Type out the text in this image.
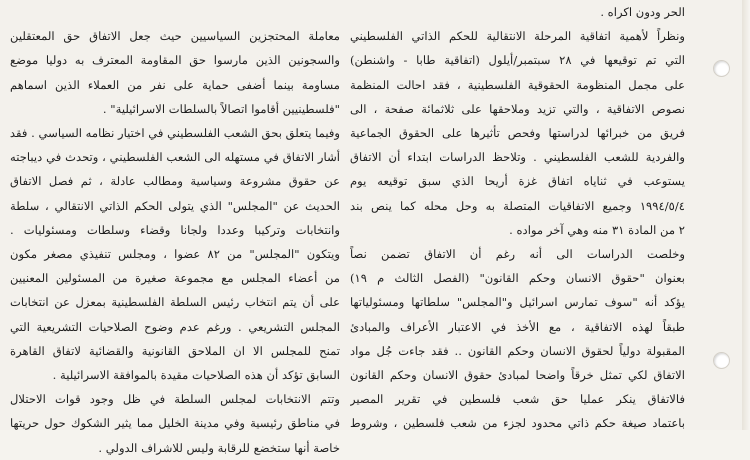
معاملة المحتجزين السياسيين حيث جعل الاتفاق حق المعتقلين
والسجونين الذين مارسوا حق المقاومة المعترف به دوليا موضع
مساومة بينما أضفى حماية على نفر من العملاء الذين اسماهم
"فلسطينيين أقاموا اتصالاً بالسلطات الاسرائيلية" .
وفيما يتعلق بحق الشعب الفلسطيني في اختيار نظامه السياسي . فقد
أشار الاتفاق في مستهله الى الشعب الفلسطيني ، وتحدث في ديباجته
عن حقوق مشروعة وسياسية ومطالب عادلة ، ثم فصل الاتفاق
الحديث عن "المجلس" الذي يتولى الحكم الذاتي الانتقالي ، سلطة
وانتخابات وتركيبا وعددا ولجانا وقضاء وسلطات ومسئوليات .
ويتكون "المجلس" من ٨٢ عضوا ، ومجلس تنفيذي مصغر مكون
من أعضاء المجلس مع مجموعة صغيرة من المسئولين المعنيين
على أن يتم انتخاب رئيس السلطة الفلسطينية بمعزل عن انتخابات
المجلس التشريعي . ورغم عدم وضوح الصلاحيات التشريعية التي
تمنح للمجلس الا ان الملاحق القانونية والقضائية لاتفاق القاهرة
السابق تؤكد أن هذه الصلاحيات مقيدة بالموافقة الاسرائيلية .
وتتم الانتخابات لمجلس السلطة في ظل وجود قوات الاحتلال
في مناطق رئيسية وفي مدينة الخليل مما يثير الشكوك حول حريتها
خاصة أنها ستخضع للرقابة وليس للاشراف الدولي .
الحر ودون اكراه .
ونظراً لأهمية اتفاقية المرحلة الانتقالية للحكم الذاتي الفلسطيني
التي تم توقيعها في ٢٨ سبتمبر/أيلول (اتفاقية طابا - واشنطن)
على مجمل المنظومة الحقوقية الفلسطينية ، فقد احالت المنظمة
نصوص الاتفاقية ، والتي تزيد وملاحقها على ثلاثمائة صفحة ، الى
فريق من خبرائها لدراستها وفحص تأثيرها على الحقوق الجماعية
والفردية للشعب الفلسطيني . وتلاحظ الدراسات ابتداء أن الاتفاق
يستوعب في ثناياه اتفاق غزة أريحا الذي سبق توقيعه يوم
١٩٩٤/٥/٤ وجميع الاتفاقيات المتصلة به وحل محله كما ينص بند
٢ من المادة ٣١ منه وهي آخر مواده .
وخلصت الدراسات الى أنه رغم أن الاتفاق تضمن نصاً
بعنوان "حقوق الانسان وحكم القانون" (الفصل الثالث م ١٩)
يؤكد أنه "سوف تمارس اسرائيل و"المجلس" سلطاتها ومسئولياتها
طبقاً لهذه الاتفاقية ، مع الأخذ في الاعتبار الأعراف والمبادئ
المقبولة دولياً لحقوق الانسان وحكم القانون .. فقد جاءت جُل مواد
الاتفاق لكي تمثل خرقاً واضحا لمبادئ حقوق الانسان وحكم القانون
فالاتفاق ينكر عمليا حق شعب فلسطين في تقرير المصير
باعتماد صيغة حكم ذاتي محدود لجزء من شعب فلسطين ، وشروط
